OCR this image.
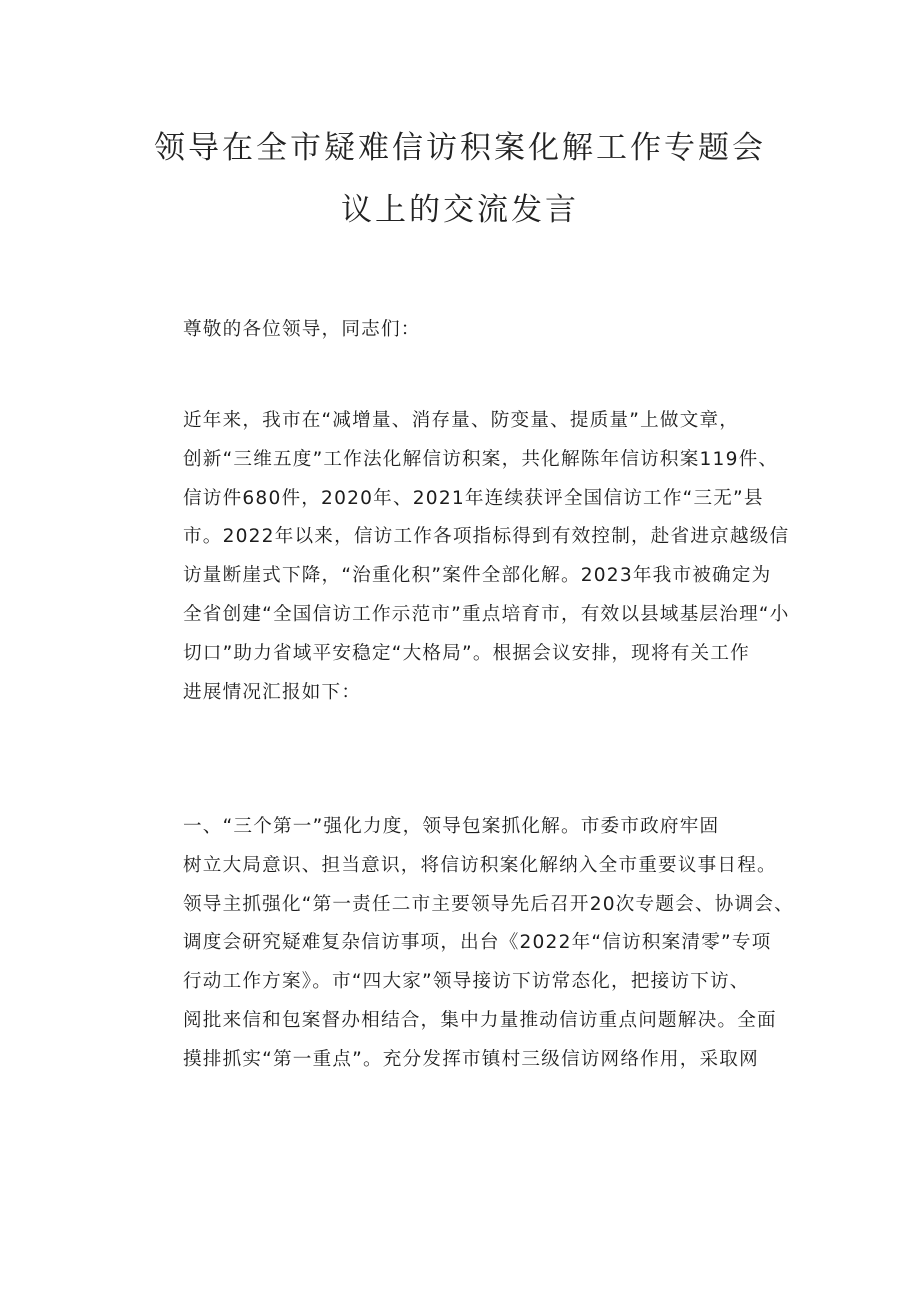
领导在全市疑难信访积案化解工作专题会
议上的交流发言

尊敬的各位领导，同志们：

近年来，我市在“减增量、消存量、防变量、提质量”上做文章，
创新“三维五度”工作法化解信访积案，共化解陈年信访积案119件、
信访件680件，2020年、2021年连续获评全国信访工作“三无”县
市。2022年以来，信访工作各项指标得到有效控制，赴省进京越级信
访量断崖式下降，“治重化积”案件全部化解。2023年我市被确定为
全省创建“全国信访工作示范市”重点培育市，有效以县域基层治理“小
切口”助力省域平安稳定“大格局”。根据会议安排，现将有关工作
进展情况汇报如下：

一、“三个第一”强化力度，领导包案抓化解。市委市政府牢固
树立大局意识、担当意识，将信访积案化解纳入全市重要议事日程。
领导主抓强化“第一责任二市主要领导先后召开20次专题会、协调会、
调度会研究疑难复杂信访事项，出台《2022年“信访积案清零”专项
行动工作方案》。市“四大家”领导接访下访常态化，把接访下访、
阅批来信和包案督办相结合，集中力量推动信访重点问题解决。全面
摸排抓实“第一重点”。充分发挥市镇村三级信访网络作用，采取网
